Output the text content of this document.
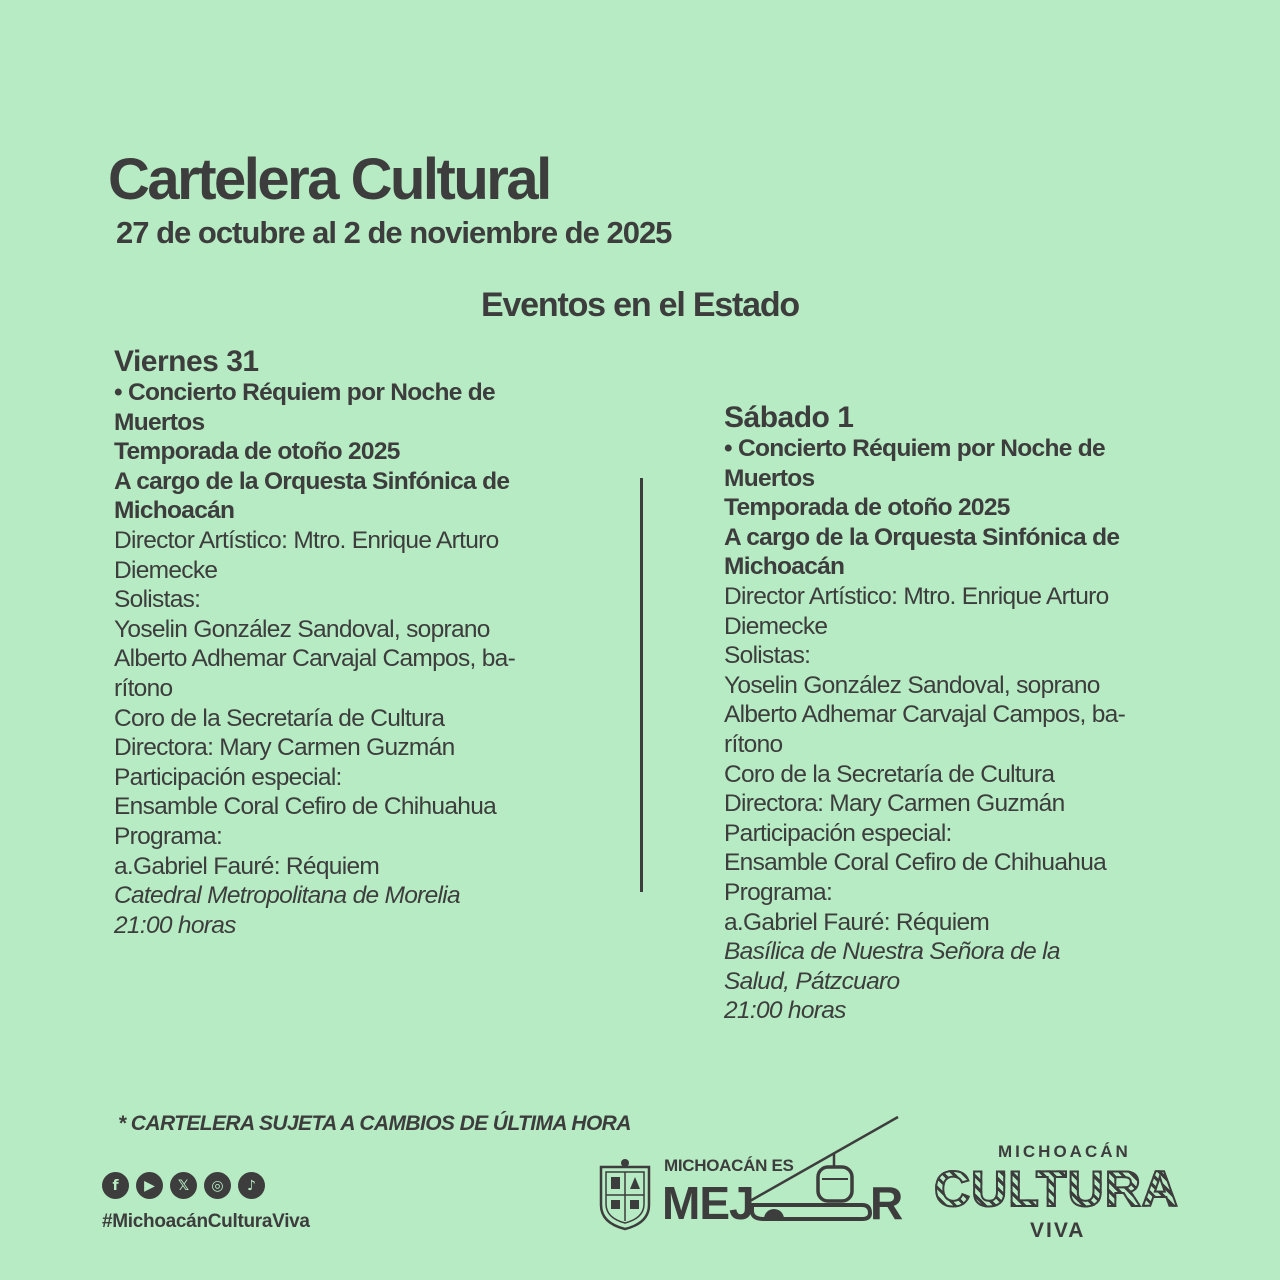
Cartelera Cultural
27 de octubre al 2 de noviembre de 2025
Eventos en el Estado
Viernes 31
• Concierto Réquiem por Noche de
Muertos
Temporada de otoño 2025
A cargo de la Orquesta Sinfónica de
Michoacán
Director Artístico: Mtro. Enrique Arturo
Diemecke
Solistas:
Yoselin González Sandoval, soprano
Alberto Adhemar Carvajal Campos, ba-
rítono
Coro de la Secretaría de Cultura
Directora: Mary Carmen Guzmán
Participación especial:
Ensamble Coral Cefiro de Chihuahua
Programa:
a.Gabriel Fauré: Réquiem
Catedral Metropolitana de Morelia
21:00 horas
Sábado 1
• Concierto Réquiem por Noche de
Muertos
Temporada de otoño 2025
A cargo de la Orquesta Sinfónica de
Michoacán
Director Artístico: Mtro. Enrique Arturo
Diemecke
Solistas:
Yoselin González Sandoval, soprano
Alberto Adhemar Carvajal Campos, ba-
rítono
Coro de la Secretaría de Cultura
Directora: Mary Carmen Guzmán
Participación especial:
Ensamble Coral Cefiro de Chihuahua
Programa:
a.Gabriel Fauré: Réquiem
Basílica de Nuestra Señora de la
Salud, Pátzcuaro
21:00 horas
* CARTELERA SUJETA A CAMBIOS DE ÚLTIMA HORA
f	▶	𝕏	◎	♪
#MichoacánCulturaViva
MICHOACÁN ES
MEJ	R
MICHOACÁN
CULTURA
VIVA
